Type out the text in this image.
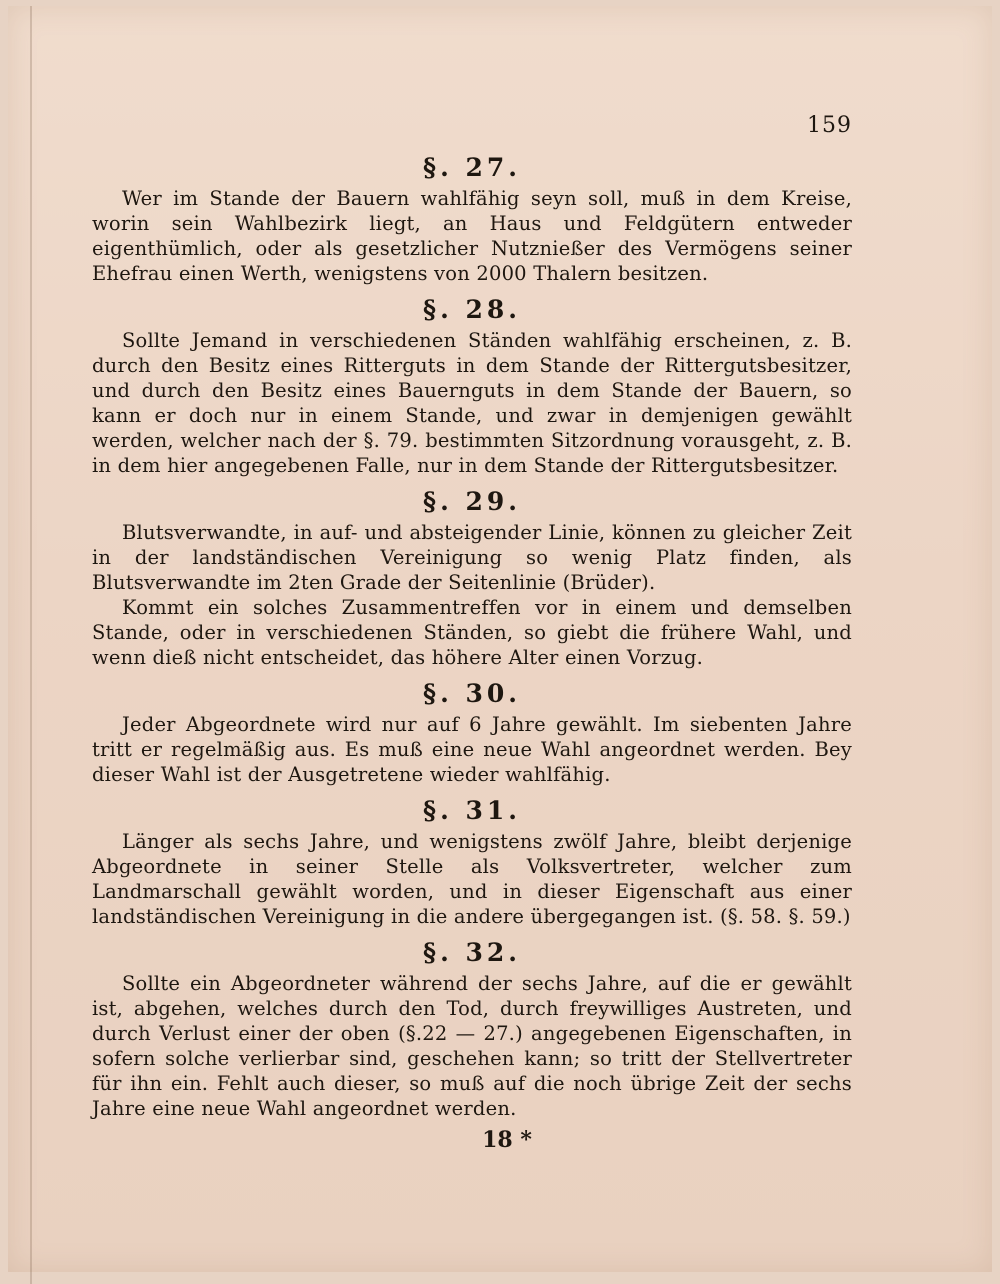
159
§. 27.

Wer im Stande der Bauern wahlfähig seyn soll, muß in dem Kreise, worin sein Wahlbezirk liegt, an Haus und Feldgütern entweder eigenthümlich, oder als gesetzlicher Nutznießer des Vermögens seiner Ehefrau einen Werth, wenigstens von 2000 Thalern besitzen.

§. 28.

Sollte Jemand in verschiedenen Ständen wahlfähig erscheinen, z. B. durch den Besitz eines Ritterguts in dem Stande der Rittergutsbesitzer, und durch den Besitz eines Bauernguts in dem Stande der Bauern, so kann er doch nur in einem Stande, und zwar in demjenigen gewählt werden, welcher nach der §. 79. bestimmten Sitzordnung vorausgeht, z. B. in dem hier angegebenen Falle, nur in dem Stande der Rittergutsbesitzer.

§. 29.

Blutsverwandte, in auf- und absteigender Linie, können zu gleicher Zeit in der landständischen Vereinigung so wenig Platz finden, als Blutsverwandte im 2ten Grade der Seitenlinie (Brüder).

Kommt ein solches Zusammentreffen vor in einem und demselben Stande, oder in verschiedenen Ständen, so giebt die frühere Wahl, und wenn dieß nicht entscheidet, das höhere Alter einen Vorzug.

§. 30.

Jeder Abgeordnete wird nur auf 6 Jahre gewählt. Im siebenten Jahre tritt er regelmäßig aus. Es muß eine neue Wahl angeordnet werden. Bey dieser Wahl ist der Ausgetretene wieder wahlfähig.

§. 31.

Länger als sechs Jahre, und wenigstens zwölf Jahre, bleibt derjenige Abgeordnete in seiner Stelle als Volksvertreter, welcher zum Landmarschall gewählt worden, und in dieser Eigenschaft aus einer landständischen Vereinigung in die andere übergegangen ist. (§. 58. §. 59.)

§. 32.

Sollte ein Abgeordneter während der sechs Jahre, auf die er gewählt ist, abgehen, welches durch den Tod, durch freywilliges Austreten, und durch Verlust einer der oben (§.22 — 27.) angegebenen Eigenschaften, in sofern solche verlierbar sind, geschehen kann; so tritt der Stellvertreter für ihn ein. Fehlt auch dieser, so muß auf die noch übrige Zeit der sechs Jahre eine neue Wahl angeordnet werden.

18 *
